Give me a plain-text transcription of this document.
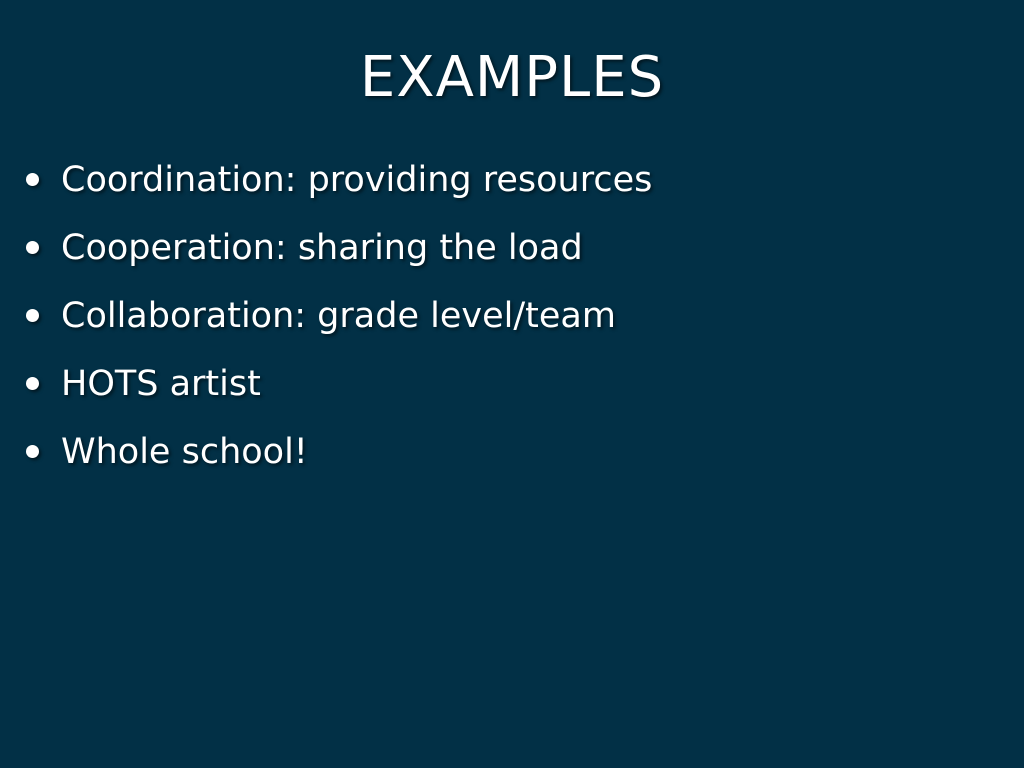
EXAMPLES
Coordination: providing resources
Cooperation: sharing the load
Collaboration: grade level/team
HOTS artist
Whole school!
